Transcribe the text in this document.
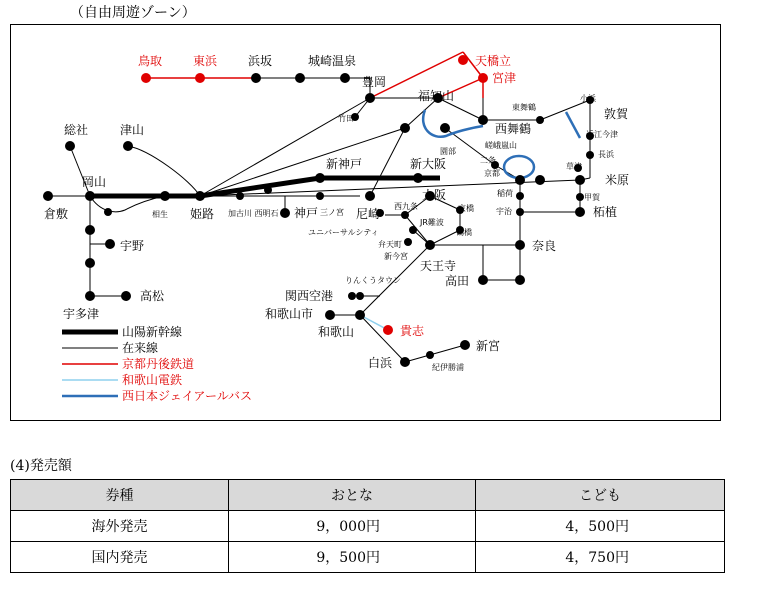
（自由周遊ゾーン）
鳥取	東浜	浜坂	城崎温泉
豊岡
天橋立
宮津
福知山
東舞鶴
西舞鶴
小浜
敦賀
近江今津
長浜
米原
草津
甲賀
柘植
竹田
園部
嵯峨嵐山
二条
京都
稲荷
宇治
奈良
総社	津山
岡山
倉敷	相生 姫路 加古川 西明石 神戸 三ノ宮 尼崎
新神戸	新大阪
大阪
京橋
西九条
JR難波
鶴橋
ユニバーサルシティ
弁天町
新今宮
天王寺
高田
宇野
高松
宇多津
りんくうタウン
関西空港
和歌山市
和歌山	貴志
白浜	紀伊勝浦
新宮
山陽新幹線
在来線
京都丹後鉄道
和歌山電鉄
西日本ジェイアールバス
(4)発売額
券種	おとな	こども
海外発売	9，000円	4，500円
国内発売	9，500円	4，750円
